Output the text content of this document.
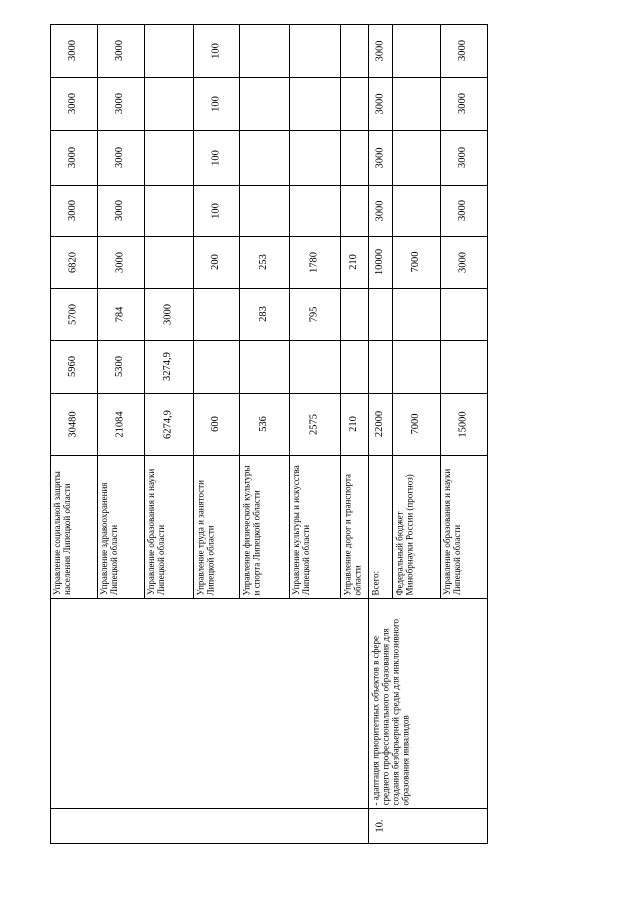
Управление социальной защиты населения Липецкой области
30480
5960
5700
6820
3000
3000
3000
3000
Управление здравоохранения Липецкой области
21084
5300
784
3000
3000
3000
3000
3000
Управление образования и науки Липецкой области
6274,9
3274,9
3000
Управление труда и занятости Липецкой области
600
200
100
100
100
100
Управление физической культуры и спорта Липецкой области
536
283
253
Управление культуры и искусства Липецкой области
2575
795
1780
Управление дорог и транспорта области
210
210
Всего:
22000
10000
3000
3000
3000
3000
Федеральный бюджет Минобрнауки России (прогноз)
7000
7000
Управление образования и науки Липецкой области
15000
3000
3000
3000
3000
3000
10.
- адаптация приоритетных объектов в сфере среднего профессионального образования для создания безбарьерной среды для инклюзивного образования инвалидов
